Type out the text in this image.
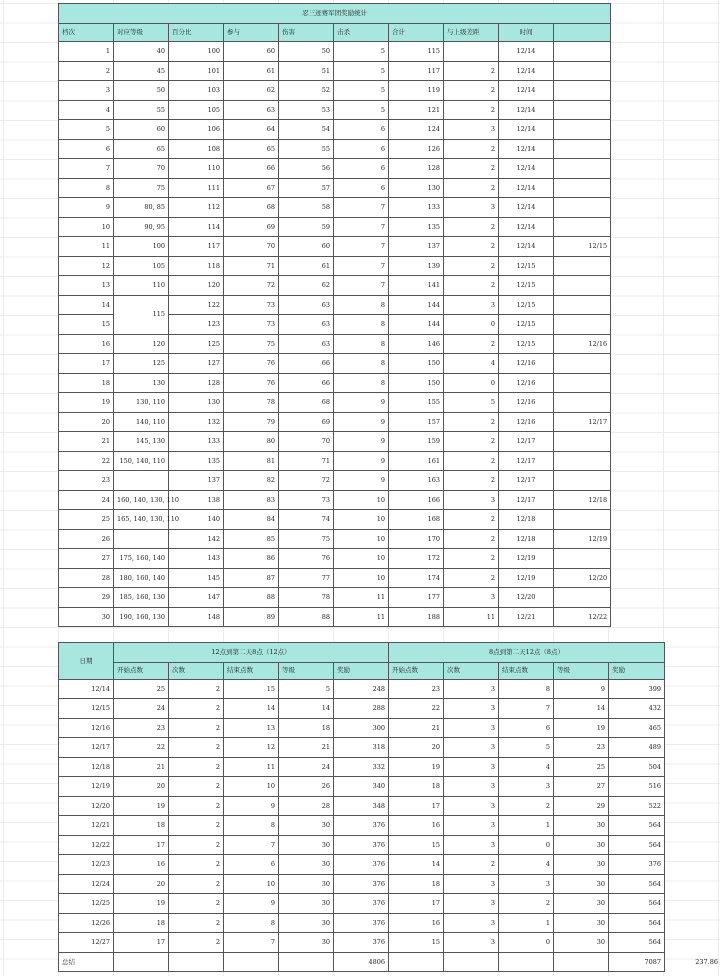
忍三迹赛军团奖励统计									
档次	对应等级	百分比	参与	伤害	击杀	合计	与上级差距	时间	
1	40	100	60	50	5	115		12/14	
2	45	101	61	51	5	117	2	12/14	
3	50	103	62	52	5	119	2	12/14	
4	55	105	63	53	5	121	2	12/14	
5	60	106	64	54	6	124	3	12/14	
6	65	108	65	55	6	126	2	12/14	
7	70	110	66	56	6	128	2	12/14	
8	75	111	67	57	6	130	2	12/14	
9	80, 85	112	68	58	7	133	3	12/14	
10	90, 95	114	69	59	7	135	2	12/14	
11	100	117	70	60	7	137	2	12/14	12/15
12	105	118	71	61	7	139	2	12/15	
13	110	120	72	62	7	141	2	12/15	
14	115	122	73	63	8	144	3	12/15	
15		123	73	63	8	144	0	12/15	
16	120	125	75	63	8	146	2	12/15	12/16
17	125	127	76	66	8	150	4	12/16	
18	130	128	76	66	8	150	0	12/16	
19	130, 110	130	78	68	9	155	5	12/16	
20	140, 110	132	79	69	9	157	2	12/16	12/17
21	145, 130	133	80	70	9	159	2	12/17	
22	150, 140, 110	135	81	71	9	161	2	12/17	
23		137	82	72	9	163	2	12/17	
24	160, 140, 130, 110	138	83	73	10	166	3	12/17	12/18
25	165, 140, 130, 110	140	84	74	10	168	2	12/18	
26		142	85	75	10	170	2	12/18	12/19
27	175, 160, 140	143	86	76	10	172	2	12/19	
28	180, 160, 140	145	87	77	10	174	2	12/19	12/20
29	185, 160, 130	147	88	78	11	177	3	12/20	
30	190, 160, 130	148	89	88	11	188	11	12/21	12/22
日期	12点到第二天8点（12点）					8点到第二天12点（8点）				
	开始点数	次数	结束点数	等级	奖励	开始点数	次数	结束点数	等级	奖励
12/14	25	2	15	5	248	23	3	8	9	399
12/15	24	2	14	14	288	22	3	7	14	432
12/16	23	2	13	18	300	21	3	6	19	465
12/17	22	2	12	21	318	20	3	5	23	489
12/18	21	2	11	24	332	19	3	4	25	504
12/19	20	2	10	26	340	18	3	3	27	516
12/20	19	2	9	28	348	17	3	2	29	522
12/21	18	2	8	30	376	16	3	1	30	564
12/22	17	2	7	30	376	15	3	0	30	564
12/23	16	2	6	30	376	14	2	4	30	376
12/24	20	2	10	30	376	18	3	3	30	564
12/25	19	2	9	30	376	17	3	2	30	564
12/26	18	2	8	30	376	16	3	1	30	564
12/27	17	2	7	30	376	15	3	0	30	564
总结					4806					7087	237.86
